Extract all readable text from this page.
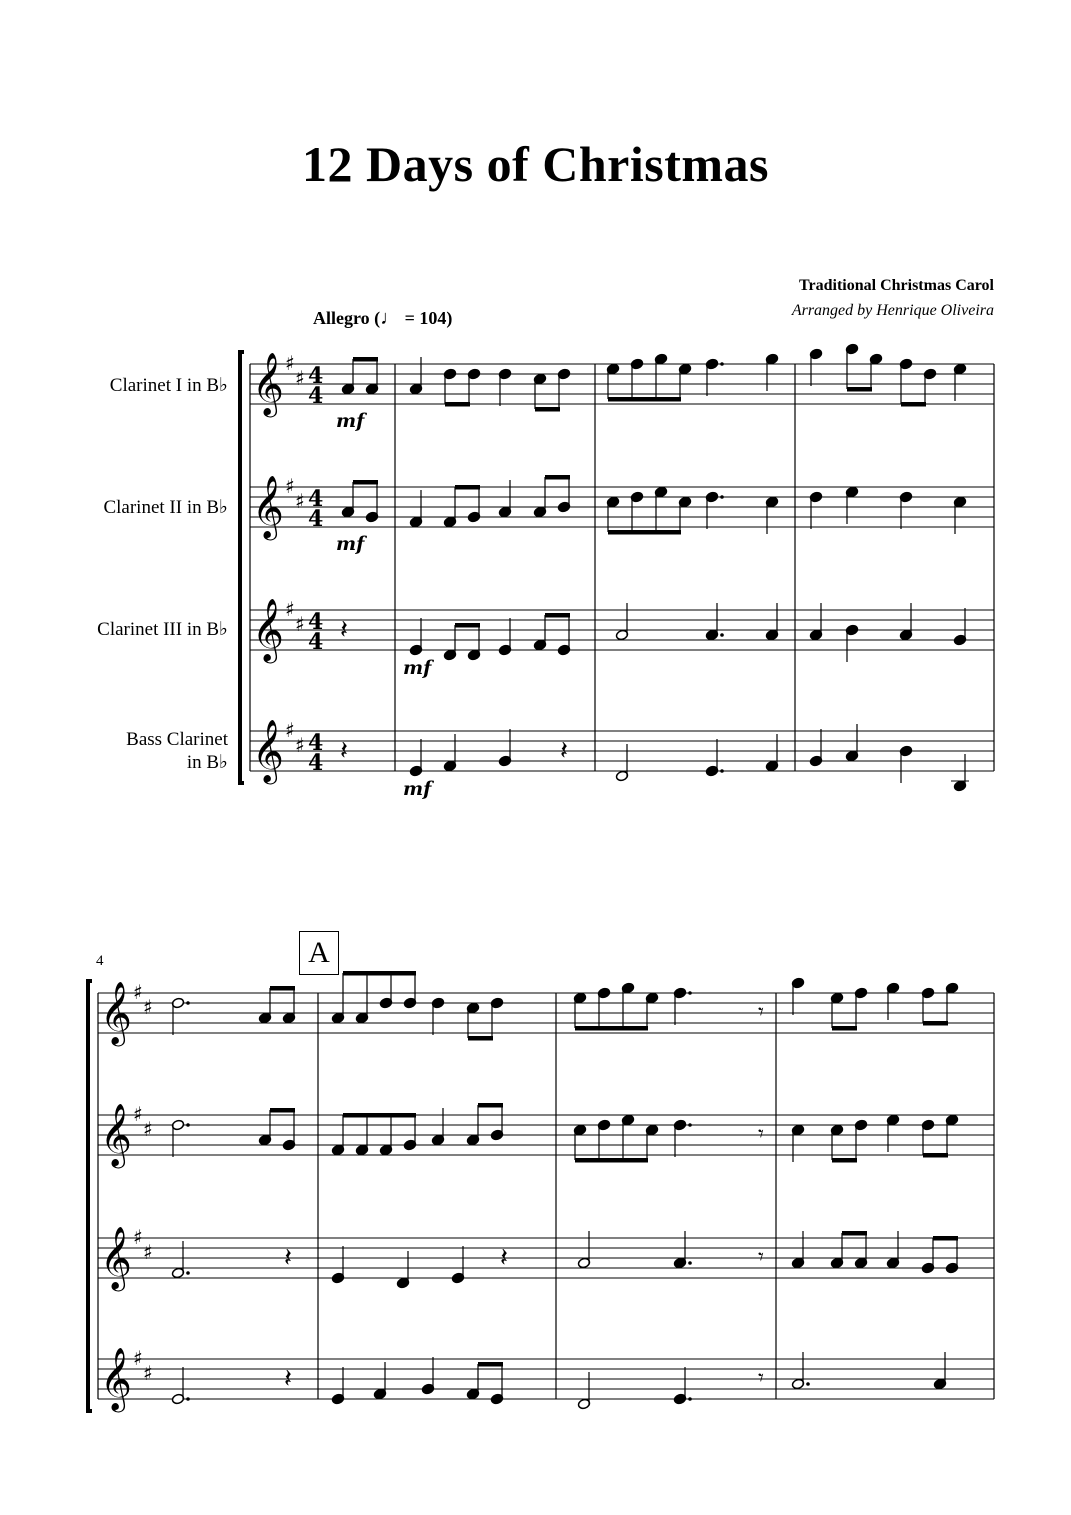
12 Days of Christmas
Traditional Christmas Carol
Arranged by Henrique Oliveira
Allegro (♩ = 104)
Clarinet I in B♭
Clarinet II in B♭
Clarinet III in B♭
Bass Clarinet
in B♭
4	A
mf
mf
mf
mf
𝄞 ♯
♯ 4
4
𝄞 ♯
♯ 4
4
𝄞 ♯
♯ 4
4
𝄞 ♯
♯ 4
4
𝄽
𝄽	𝄽
𝄞 ♯
♯
𝄞 ♯
♯
𝄞 ♯
♯
𝄞 ♯
♯
𝄽	𝄽
𝄽
𝄾
𝄾
𝄾
𝄾
